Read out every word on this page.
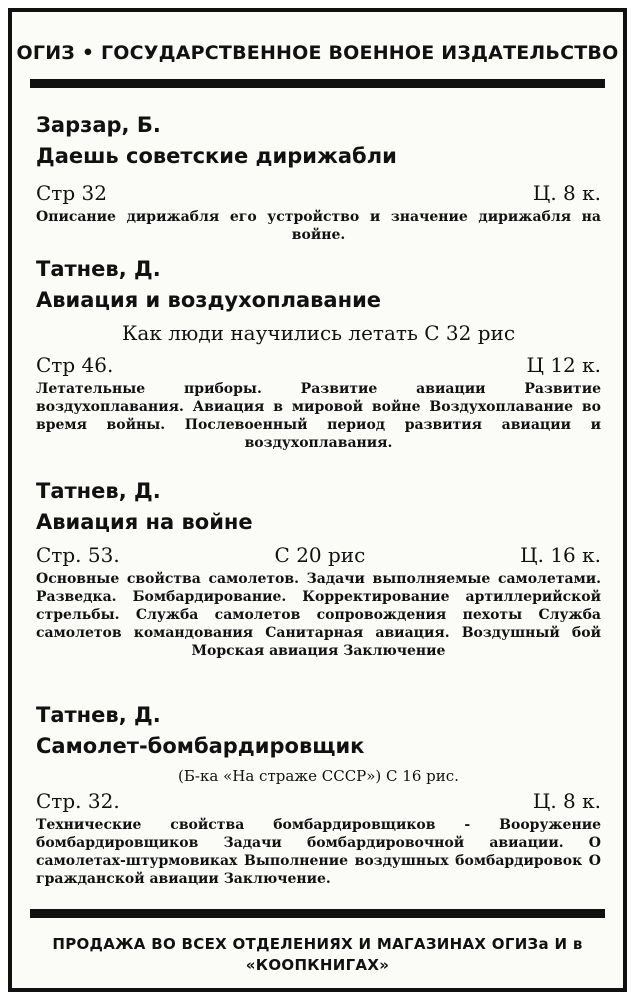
ОГИЗ • ГОСУДАРСТВЕННОЕ ВОЕННОЕ ИЗДАТЕЛЬСТВО
Зарзар, Б.
Даешь советские дирижабли
Стр 32	Ц. 8 к.
Описание дирижабля его устройство и значение дирижабля на войне.
Татнев, Д.
Авиация и воздухоплавание
Как люди научились летать С 32 рис
Стр 46.	Ц 12 к.
Летательные приборы. Развитие авиации Развитие воздухоплавания. Авиация в мировой войне Воздухоплавание во время войны. Послевоенный период развития авиации и воздухоплавания.
Татнев, Д.
Авиация на войне
Стр. 53.	С 20 рис	Ц. 16 к.
Основные свойства самолетов. Задачи выполняемые самолетами. Разведка. Бомбардирование. Корректирование артиллерийской стрельбы. Служба самолетов сопровождения пехоты Служба самолетов командования Санитарная авиация. Воздушный бой Морская авиация Заключение
Татнев, Д.
Самолет-бомбардировщик
(Б-ка «На страже СССР») С 16 рис.
Стр. 32.	Ц. 8 к.
Технические свойства бомбардировщиков - Вооружение бомбардировщиков Задачи бомбардировочной авиации. О самолетах-штурмовиках Выполнение воздушных бомбардировок О гражданской авиации Заключение.
ПРОДАЖА ВО ВСЕХ ОТДЕЛЕНИЯХ И МАГАЗИНАХ ОГИЗа И в «КООПКНИГАХ»
